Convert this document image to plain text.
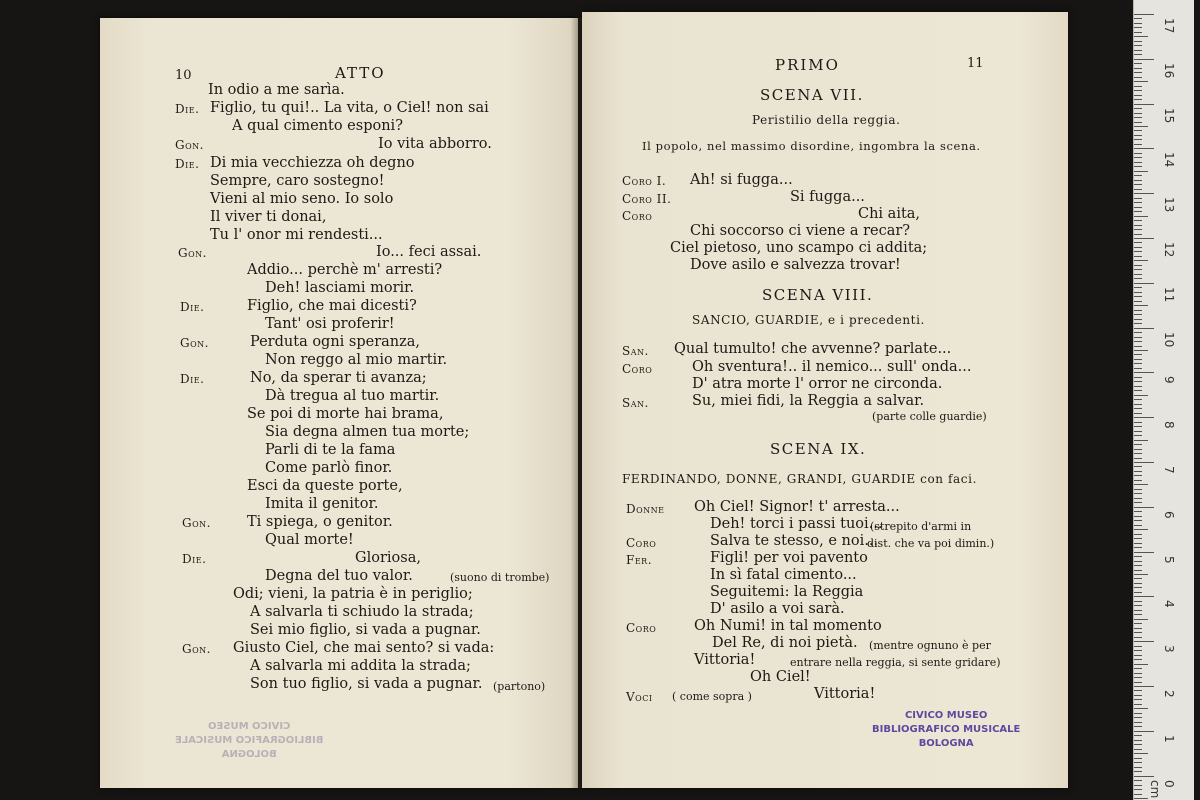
10	ATTO
In odio a me sarìa.
Die. Figlio, tu qui!.. La vita, o Ciel! non sai
A qual cimento esponi?
Gon.	Io vita abborro.
Die. Di mia vecchiezza oh degno
Sempre, caro sostegno!
Vieni al mio seno. Io solo
Il viver ti donai,
Tu l' onor mi rendesti...
Gon.	Io... feci assai.
Addio... perchè m' arresti?
Deh! lasciami morir.
Die.	Figlio, che mai dicesti?
Tant' osi proferir!
Gon.	Perduta ogni speranza,
Non reggo al mio martir.
Die.	No, da sperar ti avanza;
Dà tregua al tuo martir.
Se poi di morte hai brama,
Sia degna almen tua morte;
Parli di te la fama
Come parlò finor.
Esci da queste porte,
Imita il genitor.
Gon. Ti spiega, o genitor.
Qual morte!
Die.	Gloriosa,
Degna del tuo valor.	(suono di trombe)
Odi; vieni, la patria è in periglio;
A salvarla ti schiudo la strada;
Sei mio figlio, si vada a pugnar.
Gon. Giusto Ciel, che mai sento? si vada:
A salvarla mi addita la strada;
Son tuo figlio, si vada a pugnar. (partono)
CIVICO MUSEO
BIBLIOGRAFICO MUSICALE
BOLOGNA
PRIMO	11
SCENA VII.
Peristilio della reggia.
Il popolo, nel massimo disordine, ingombra la scena.
Coro I. Ah! si fugga...
Coro II.	Si fugga...
Coro	Chi aita,
Chi soccorso ci viene a recar?
Ciel pietoso, uno scampo ci addita;
Dove asilo e salvezza trovar!
SCENA VIII.
SANCIO, GUARDIE, e i precedenti.
San. Qual tumulto! che avvenne? parlate...
Coro	Oh sventura!.. il nemico... sull' onda...
D' atra morte l' orror ne circonda.
San.	Su, miei fidi, la Reggia a salvar.
(parte colle guardie)
SCENA IX.
FERDINANDO, DONNE, GRANDI, GUARDIE con faci.
Donne Oh Ciel! Signor! t' arresta...
Deh! torci i passi tuoi...
(strepito d'armi in
Coro	Salva te stesso, e noi...
dist. che va poi dimin.)
Fer.	Figli! per voi pavento
In sì fatal cimento...
Seguitemi: la Reggia
D' asilo a voi sarà.
Coro	Oh Numi! in tal momento
Del Re, di noi pietà. (mentre ognuno è per
Vittoria!	entrare nella reggia, si sente gridare)
Oh Ciel!
Voci ( come sopra )	Vittoria!
CIVICO MUSEO
BIBLIOGRAFICO MUSICALE
BOLOGNA
17
16
15
14
13
12
11
10
9
8
7
6
5
4
3
2
1
0 cm
